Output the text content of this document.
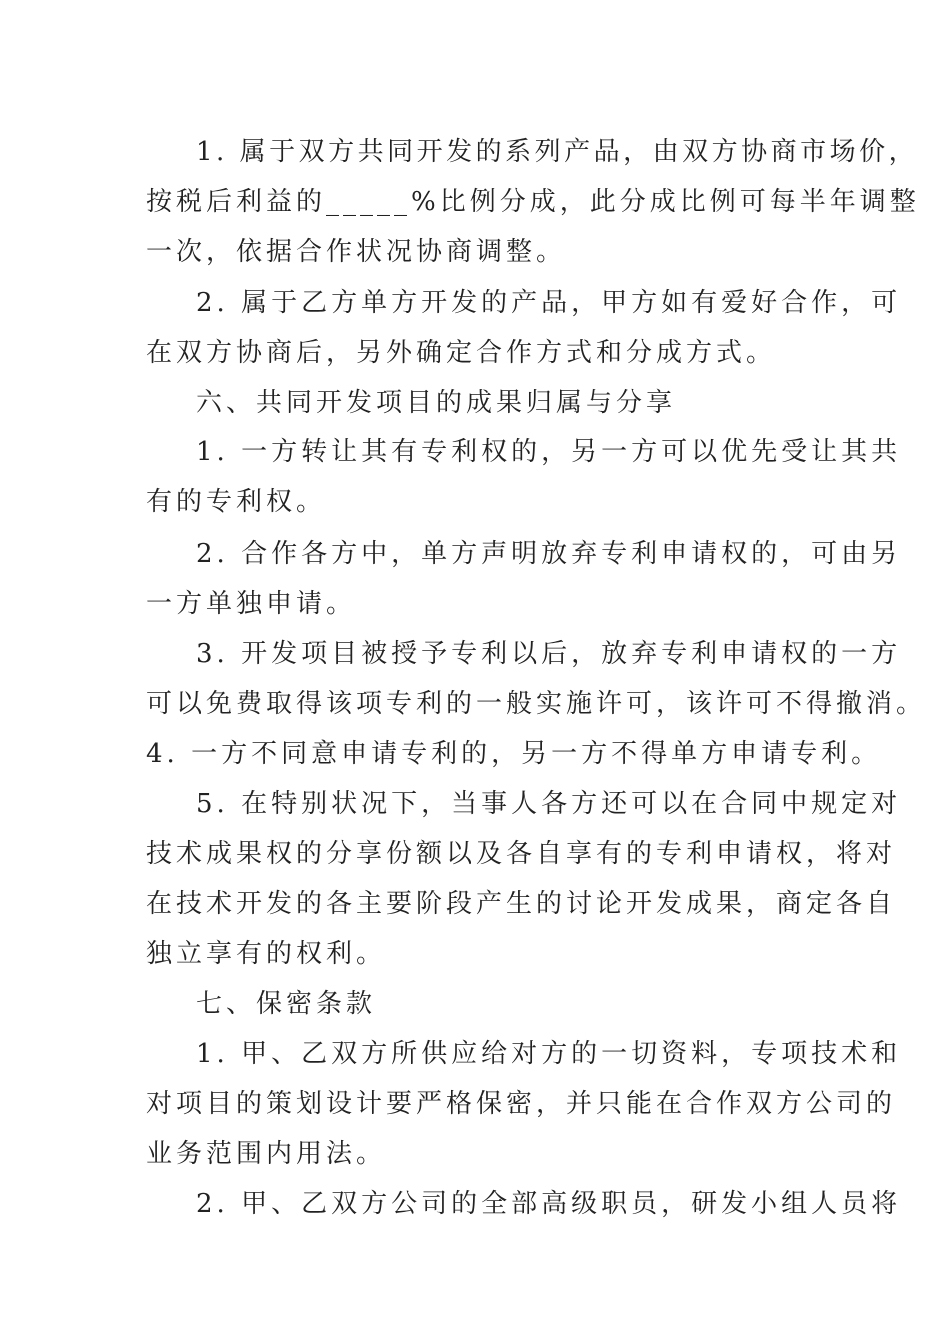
1. 属于双方共同开发的系列产品，由双方协商市场价，

按税后利益的_____%比例分成，此分成比例可每半年调整

一次，依据合作状况协商调整。

2. 属于乙方单方开发的产品，甲方如有爱好合作，可

在双方协商后，另外确定合作方式和分成方式。

六、共同开发项目的成果归属与分享

1. 一方转让其有专利权的，另一方可以优先受让其共

有的专利权。

2. 合作各方中，单方声明放弃专利申请权的，可由另

一方单独申请。

3. 开发项目被授予专利以后，放弃专利申请权的一方

可以免费取得该项专利的一般实施许可，该许可不得撤消。

4. 一方不同意申请专利的，另一方不得单方申请专利。

5. 在特别状况下，当事人各方还可以在合同中规定对

技术成果权的分享份额以及各自享有的专利申请权，将对

在技术开发的各主要阶段产生的讨论开发成果，商定各自

独立享有的权利。

七、保密条款

1. 甲、乙双方所供应给对方的一切资料，专项技术和

对项目的策划设计要严格保密，并只能在合作双方公司的

业务范围内用法。

2. 甲、乙双方公司的全部高级职员，研发小组人员将
